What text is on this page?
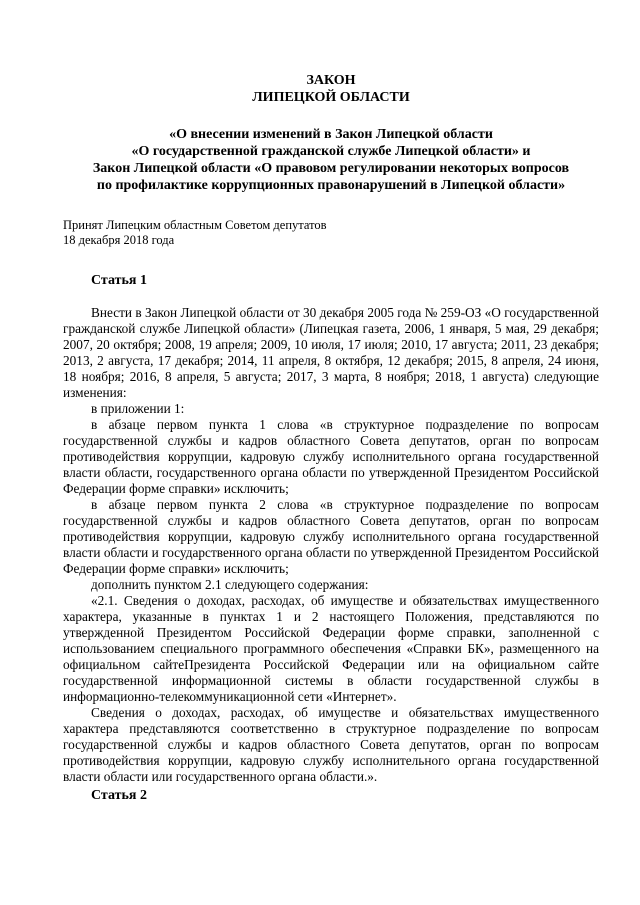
ЗАКОН
ЛИПЕЦКОЙ ОБЛАСТИ

«О внесении изменений в Закон Липецкой области
«О государственной гражданской службе Липецкой области» и
Закон Липецкой области «О правовом регулировании некоторых вопросов
по профилактике коррупционных правонарушений в Липецкой области»

Принят Липецким областным Советом депутатов
18 декабря 2018 года

Статья 1

Внести в Закон Липецкой области от 30 декабря 2005 года № 259-ОЗ «О государственной гражданской службе Липецкой области» (Липецкая газета, 2006, 1 января, 5 мая, 29 декабря; 2007, 20 октября; 2008, 19 апреля; 2009, 10 июля, 17 июля; 2010, 17 августа; 2011, 23 декабря; 2013, 2 августа, 17 декабря; 2014, 11 апреля, 8 октября, 12 декабря; 2015, 8 апреля, 24 июня, 18 ноября; 2016, 8 апреля, 5 августа; 2017, 3 марта, 8 ноября; 2018, 1 августа) следующие изменения:

в приложении 1:

в абзаце первом пункта 1 слова «в структурное подразделение по вопросам государственной службы и кадров областного Совета депутатов, орган по вопросам противодействия коррупции, кадровую службу исполнительного органа государственной власти области, государственного органа области по утвержденной Президентом Российской Федерации форме справки» исключить;

в абзаце первом пункта 2 слова «в структурное подразделение по вопросам государственной службы и кадров областного Совета депутатов, орган по вопросам противодействия коррупции, кадровую службу исполнительного органа государственной власти области и государственного органа области по утвержденной Президентом Российской Федерации форме справки» исключить;

дополнить пунктом 2.1 следующего содержания:

«2.1. Сведения о доходах, расходах, об имуществе и обязательствах имущественного характера, указанные в пунктах 1 и 2 настоящего Положения, представляются по утвержденной Президентом Российской Федерации форме справки, заполненной с использованием специального программного обеспечения «Справки БК», размещенного на официальном сайтеПрезидента Российской Федерации или на официальном сайте государственной информационной системы в области государственной службы в информационно-телекоммуникационной сети «Интернет».

Сведения о доходах, расходах, об имуществе и обязательствах имущественного характера представляются соответственно в структурное подразделение по вопросам государственной службы и кадров областного Совета депутатов, орган по вопросам противодействия коррупции, кадровую службу исполнительного органа государственной власти области или государственного органа области.».

Статья 2
